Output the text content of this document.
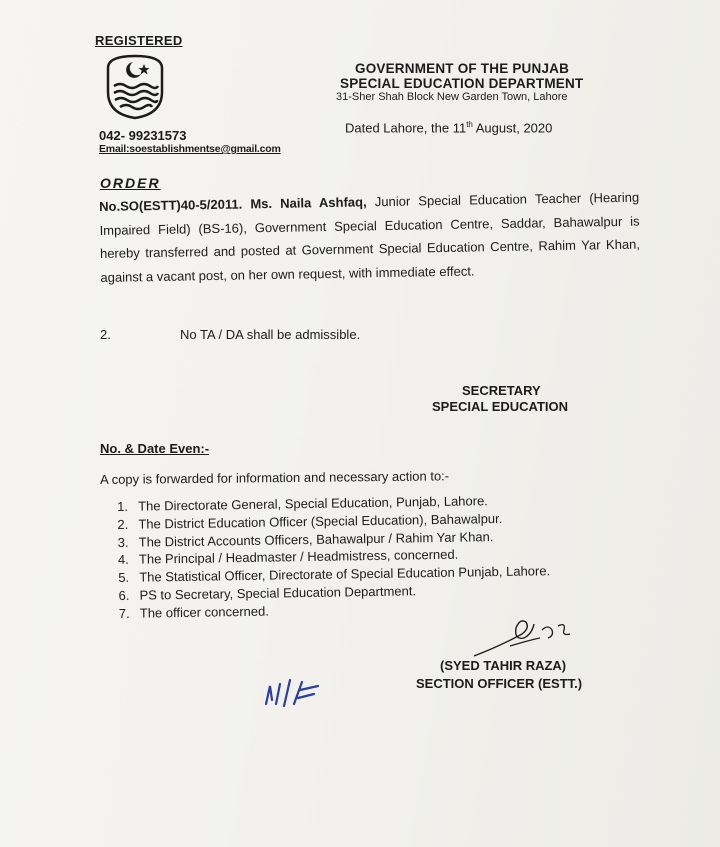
REGISTERED
042- 99231573
Email:soestablishmentse@gmail.com
GOVERNMENT OF THE PUNJAB
SPECIAL EDUCATION DEPARTMENT
31-Sher Shah Block New Garden Town, Lahore
Dated Lahore, the 11th August, 2020
ORDER
No.SO(ESTT)40-5/2011. Ms. Naila Ashfaq, Junior Special Education Teacher (Hearing Impaired Field) (BS-16), Government Special Education Centre, Saddar, Bahawalpur is hereby transferred and posted at Government Special Education Centre, Rahim Yar Khan, against a vacant post, on her own request, with immediate effect.
2.	No TA / DA shall be admissible.
SECRETARY
SPECIAL EDUCATION
No. & Date Even:-
A copy is forwarded for information and necessary action to:-
1. The Directorate General, Special Education, Punjab, Lahore.
2. The District Education Officer (Special Education), Bahawalpur.
3. The District Accounts Officers, Bahawalpur / Rahim Yar Khan.
4. The Principal / Headmaster / Headmistress, concerned.
5. The Statistical Officer, Directorate of Special Education Punjab, Lahore.
6. PS to Secretary, Special Education Department.
7. The officer concerned.
(SYED TAHIR RAZA)
SECTION OFFICER (ESTT.)
